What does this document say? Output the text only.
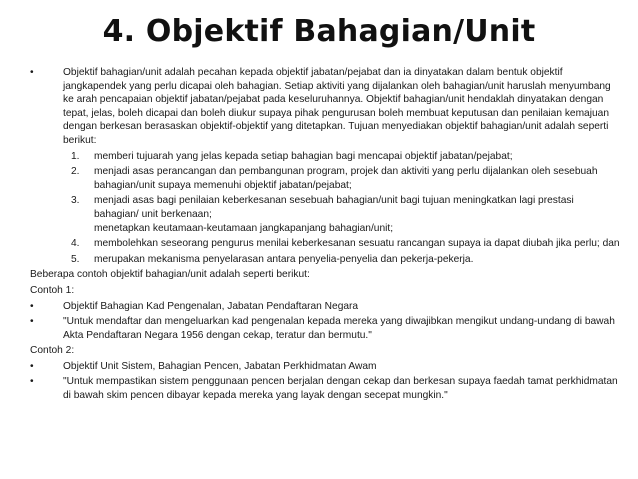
4. Objektif Bahagian/Unit
•	Objektif bahagian/unit adalah pecahan kepada objektif jabatan/pejabat dan ia dinyatakan dalam bentuk objektif jangkapendek yang perlu dicapai oleh bahagian. Setiap aktiviti yang dijalankan oleh bahagian/unit haruslah menyumbang ke arah pencapaian objektif jabatan/pejabat pada keseluruhannya. Objektif bahagian/unit hendaklah dinyatakan dengan tepat, jelas, boleh dicapai dan boleh diukur supaya pihak pengurusan boleh membuat keputusan dan penilaian kemajuan dengan berkesan berasaskan objektif-objektif yang ditetapkan. Tujuan menyediakan objektif bahagian/unit adalah seperti berikut:
1.	memberi tujuarah yang jelas kepada setiap bahagian bagi mencapai objektif jabatan/pejabat;
2.	menjadi asas perancangan dan pembangunan program, projek dan aktiviti yang perlu dijalankan oleh sesebuah bahagian/unit supaya memenuhi objektif jabatan/pejabat;
3.	menjadi asas bagi penilaian keberkesanan sesebuah bahagian/unit bagi tujuan meningkatkan lagi prestasi bahagian/ unit berkenaan;
menetapkan keutamaan-keutamaan jangkapanjang bahagian/unit;
4.	membolehkan seseorang pengurus menilai keberkesanan sesuatu rancangan supaya ia dapat diubah jika perlu; dan
5.	merupakan mekanisma penyelarasan antara penyelia-penyelia dan pekerja-pekerja.
Beberapa contoh objektif bahagian/unit adalah seperti berikut:
Contoh 1:
•	Objektif Bahagian Kad Pengenalan, Jabatan Pendaftaran Negara
•	"Untuk mendaftar dan mengeluarkan kad pengenalan kepada mereka yang diwajibkan mengikut undang-undang di bawah Akta Pendaftaran Negara 1956 dengan cekap, teratur dan bermutu."
Contoh 2:
•	Objektif Unit Sistem, Bahagian Pencen, Jabatan Perkhidmatan Awam
•	"Untuk mempastikan sistem penggunaan pencen berjalan dengan cekap dan berkesan supaya faedah tamat perkhidmatan di bawah skim pencen dibayar kepada mereka yang layak dengan secepat mungkin."
